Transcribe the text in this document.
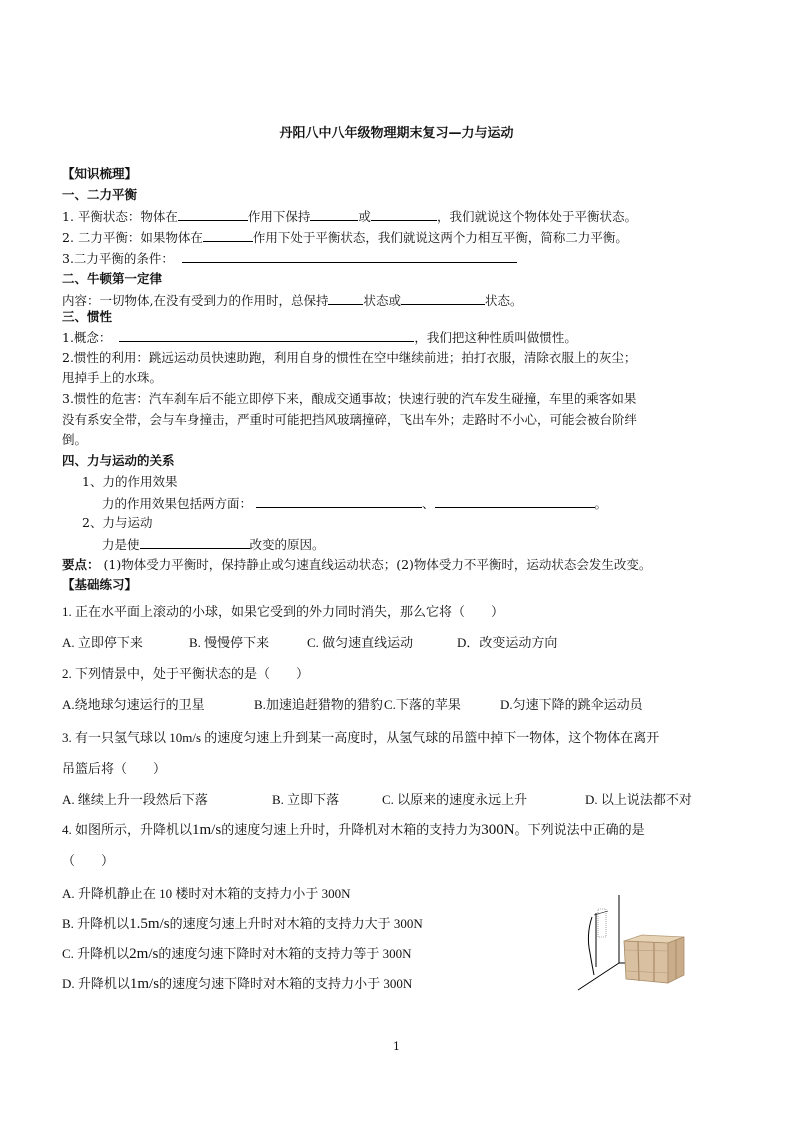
丹阳八中八年级物理期末复习—力与运动
【知识梳理】
一、二力平衡
1. 平衡状态：物体在	作用下保持	或	，我们就说这个物体处于平衡状态。
2. 二力平衡：如果物体在	作用下处于平衡状态，我们就说这两个力相互平衡，简称二力平衡。
3.二力平衡的条件：
二、牛顿第一定律
内容：一切物体,在没有受到力的作用时，总保持	状态或	状态。
三、惯性
1.概念：	，我们把这种性质叫做惯性。
2.惯性的利用：跳远运动员快速助跑，利用自身的惯性在空中继续前进；拍打衣服，清除衣服上的灰尘；
甩掉手上的水珠。
3.惯性的危害：汽车刹车后不能立即停下来，酿成交通事故；快速行驶的汽车发生碰撞，车里的乘客如果
没有系安全带，会与车身撞击，严重时可能把挡风玻璃撞碎，飞出车外；走路时不小心，可能会被台阶绊
倒。
四、力与运动的关系
1、力的作用效果
力的作用效果包括两方面：	、	。
2、力与运动
力是使	改变的原因。
要点： (1)物体受力平衡时，保持静止或匀速直线运动状态；(2)物体受力不平衡时，运动状态会发生改变。
【基础练习】
1. 正在水平面上滚动的小球，如果它受到的外力同时消失，那么它将（　　）
A. 立即停下来	B. 慢慢停下来	C. 做匀速直线运动	D．改变运动方向
2. 下列情景中，处于平衡状态的是（　　）
A.绕地球匀速运行的卫星	B.加速追赶猎物的猎豹C.下落的苹果	D.匀速下降的跳伞运动员
3. 有一只氢气球以 10m/s 的速度匀速上升到某一高度时，从氢气球的吊篮中掉下一物体，这个物体在离开
吊篮后将（　　）
A. 继续上升一段然后下落	B. 立即下落	C. 以原来的速度永远上升	D. 以上说法都不对
4. 如图所示，升降机以1m/s的速度匀速上升时，升降机对木箱的支持力为300N。下列说法中正确的是
（　　）
A. 升降机静止在 10 楼时对木箱的支持力小于 300N
B. 升降机以1.5m/s的速度匀速上升时对木箱的支持力大于 300N
C. 升降机以2m/s的速度匀速下降时对木箱的支持力等于 300N
D. 升降机以1m/s的速度匀速下降时对木箱的支持力小于 300N
1
